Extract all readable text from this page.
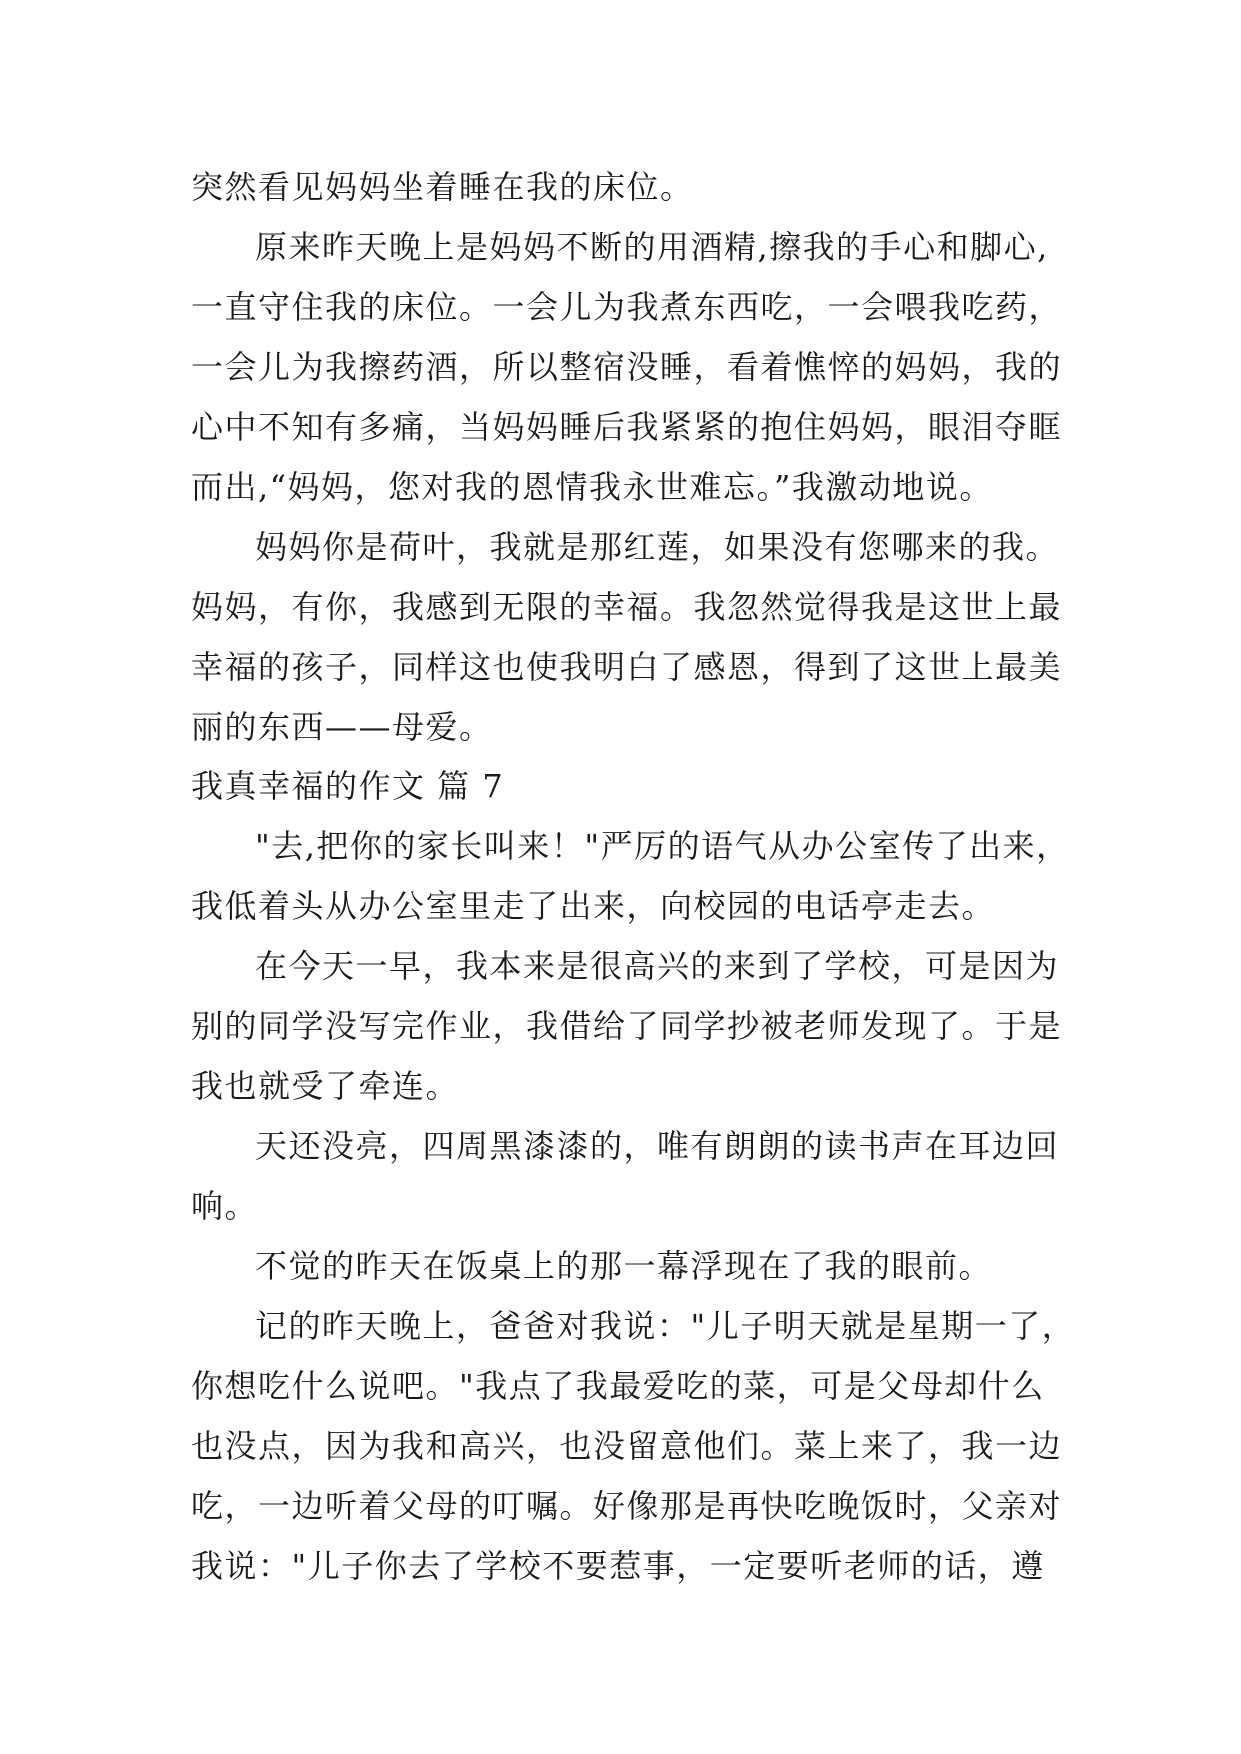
突然看见妈妈坐着睡在我的床位。
原来昨天晚上是妈妈不断的用酒精,擦我的手心和脚心,
一直守住我的床位。一会儿为我煮东西吃，一会喂我吃药，
一会儿为我擦药酒，所以整宿没睡，看着憔悴的妈妈，我的
心中不知有多痛，当妈妈睡后我紧紧的抱住妈妈，眼泪夺眶
而出,“妈妈，您对我的恩情我永世难忘。”我激动地说。
妈妈你是荷叶，我就是那红莲，如果没有您哪来的我。
妈妈，有你，我感到无限的幸福。我忽然觉得我是这世上最
幸福的孩子，同样这也使我明白了感恩，得到了这世上最美
丽的东西——母爱。
我真幸福的作文 篇 7
"去,把你的家长叫来！"严厉的语气从办公室传了出来，
我低着头从办公室里走了出来，向校园的电话亭走去。
在今天一早，我本来是很高兴的来到了学校，可是因为
别的同学没写完作业，我借给了同学抄被老师发现了。于是
我也就受了牵连。
天还没亮，四周黑漆漆的，唯有朗朗的读书声在耳边回
响。
不觉的昨天在饭桌上的那一幕浮现在了我的眼前。
记的昨天晚上，爸爸对我说："儿子明天就是星期一了，
你想吃什么说吧。"我点了我最爱吃的菜，可是父母却什么
也没点，因为我和高兴，也没留意他们。菜上来了，我一边
吃，一边听着父母的叮嘱。好像那是再快吃晚饭时，父亲对
我说："儿子你去了学校不要惹事，一定要听老师的话，遵
